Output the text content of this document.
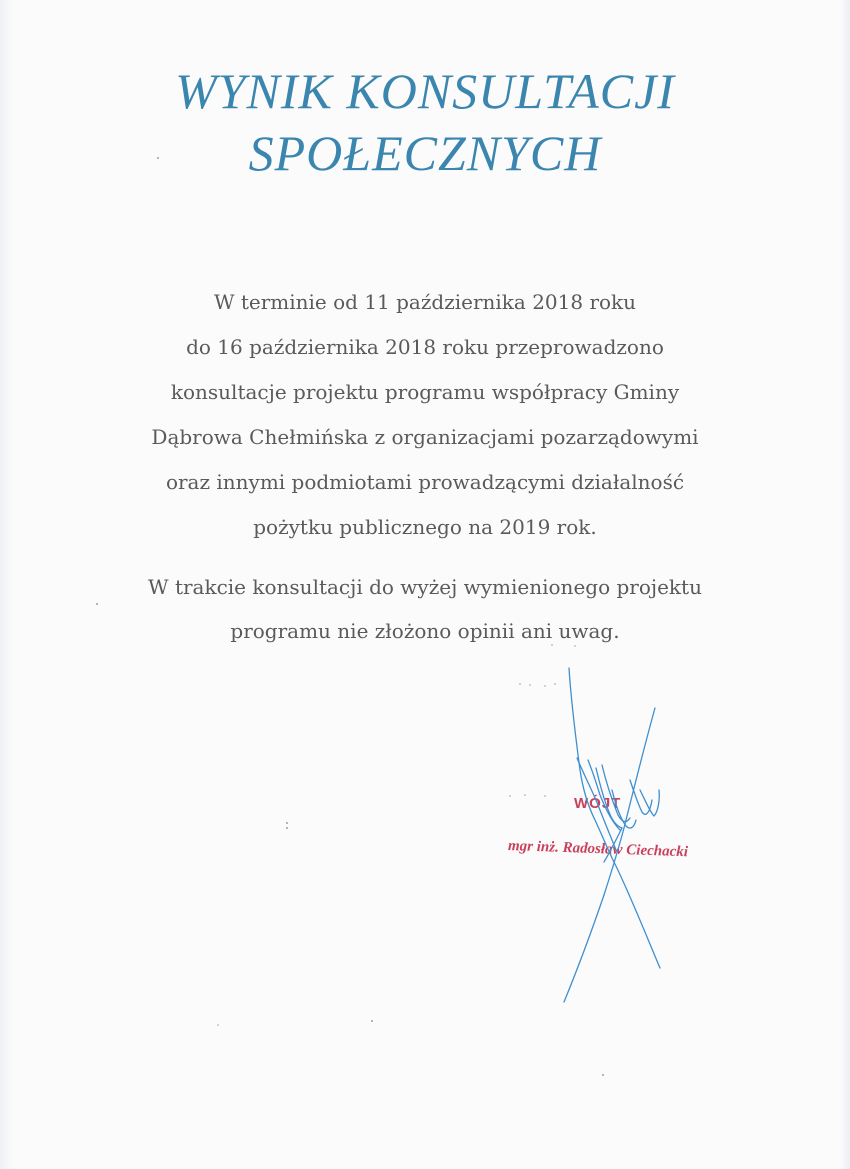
WYNIK KONSULTACJI
SPOŁECZNYCH

W terminie od 11 października 2018 roku
do 16 października 2018 roku przeprowadzono
konsultacje projektu programu współpracy Gminy
Dąbrowa Chełmińska z organizacjami pozarządowymi
oraz innymi podmiotami prowadzącymi działalność
pożytku publicznego na 2019 rok.

W trakcie konsultacji do wyżej wymienionego projektu
programu nie złożono opinii ani uwag.

WÓJT

mgr inż. Radosław Ciechacki
